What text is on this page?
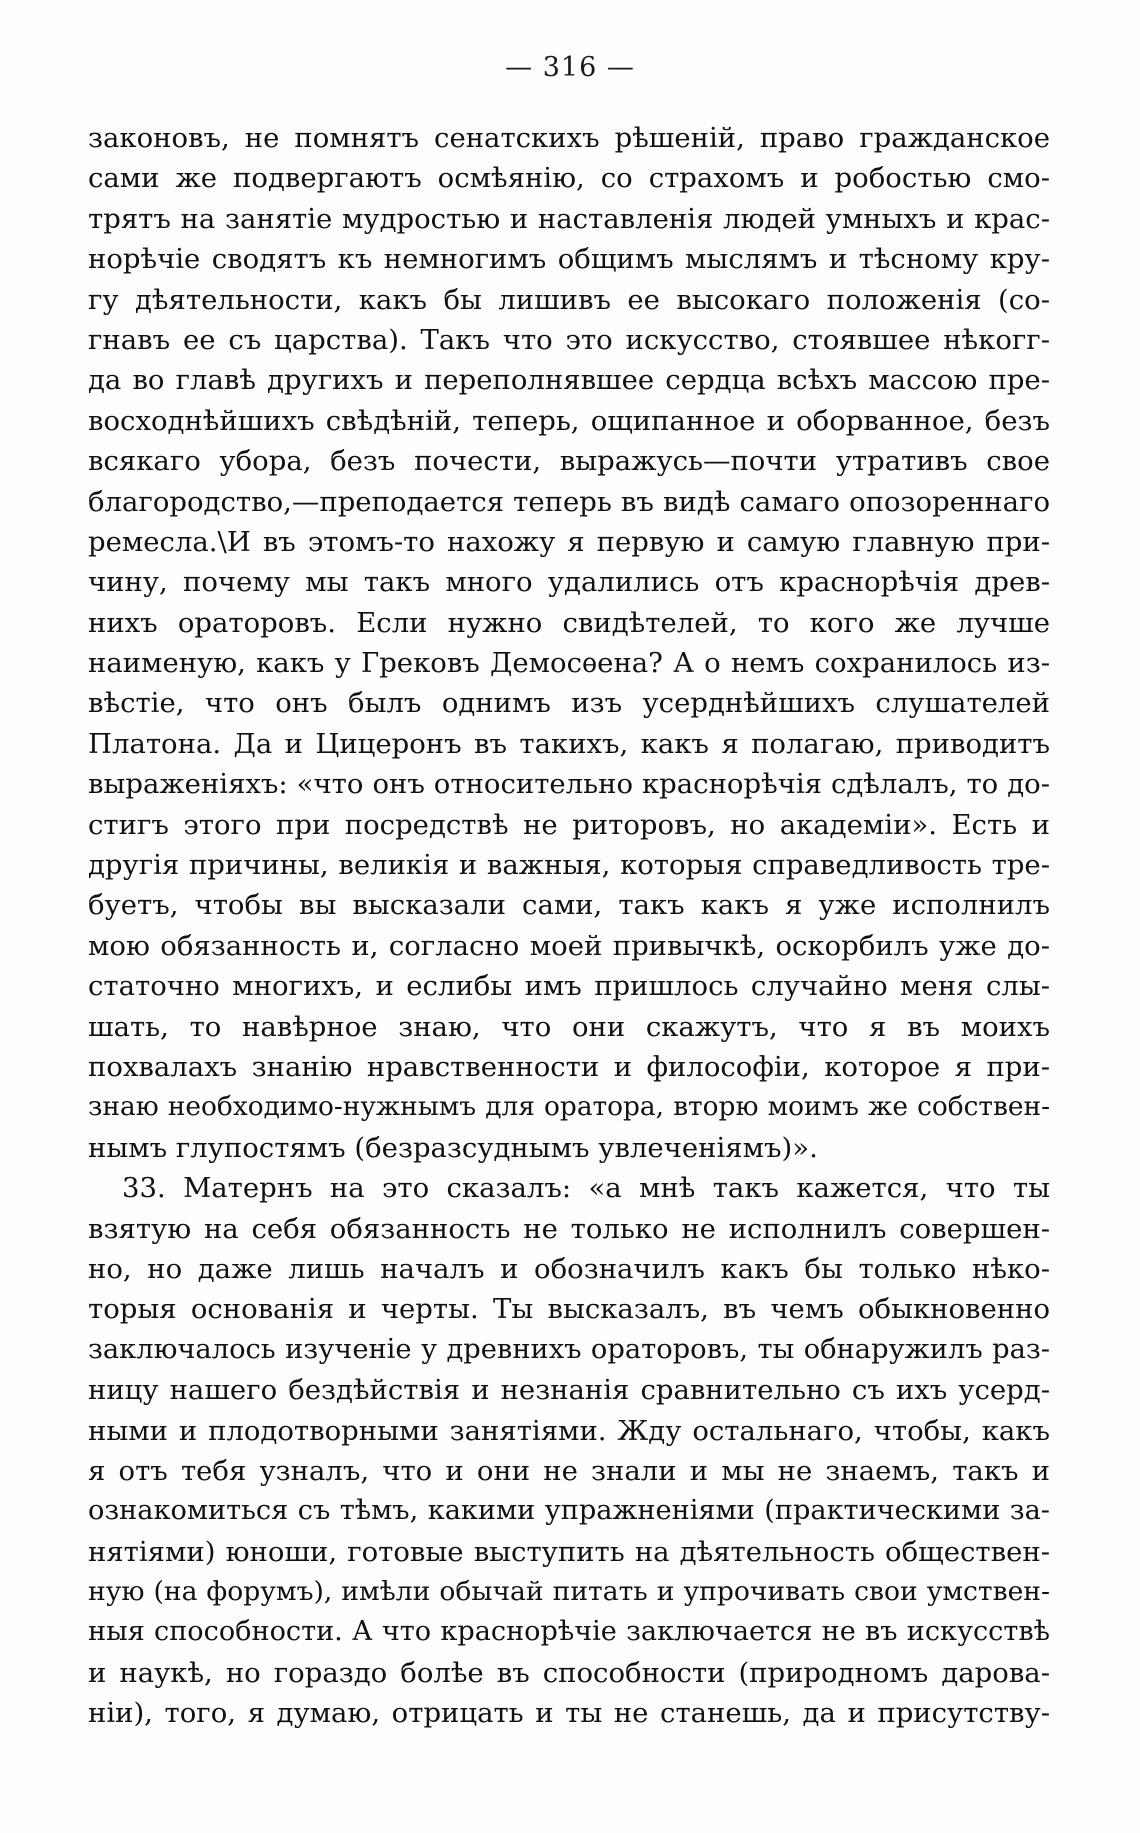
— 316 —
законовъ, не помнятъ сенатскихъ рѣшеній, право гражданское
сами же подвергаютъ осмѣянію, со страхомъ и робостью смо-
трятъ на занятіе мудростью и наставленія людей умныхъ и крас-
норѣчіе сводятъ къ немногимъ общимъ мыслямъ и тѣсному кру-
гу дѣятельности, какъ бы лишивъ ее высокаго положенія (со-
гнавъ ее съ царства). Такъ что это искусство, стоявшее нѣкогг-
да во главѣ другихъ и переполнявшее сердца всѣхъ массою пре-
восходнѣйшихъ свѣдѣній, теперь, ощипанное и оборванное, безъ
всякаго убора, безъ почести, выражусь—почти утративъ свое
благородство,—преподается теперь въ видѣ самаго опозореннаго
ремесла.\И въ этомъ-то нахожу я первую и самую главную при-
чину, почему мы такъ много удалились отъ краснорѣчія древ-
нихъ ораторовъ. Если нужно свидѣтелей, то кого же лучше
наименую, какъ у Грековъ Демосѳена? А о немъ сохранилось из-
вѣстіе, что онъ былъ однимъ изъ усерднѣйшихъ слушателей
Платона. Да и Цицеронъ въ такихъ, какъ я полагаю, приводитъ
выраженіяхъ: «что онъ относительно краснорѣчія сдѣлалъ, то до-
стигъ этого при посредствѣ не риторовъ, но академіи». Есть и
другія причины, великія и важныя, которыя справедливость тре-
буетъ, чтобы вы высказали сами, такъ какъ я уже исполнилъ
мою обязанность и, согласно моей привычкѣ, оскорбилъ уже до-
статочно многихъ, и еслибы имъ пришлось случайно меня слы-
шать, то навѣрное знаю, что они скажутъ, что я въ моихъ
похвалахъ знанію нравственности и философіи, которое я при-
знаю необходимо-нужнымъ для оратора, вторю моимъ же собствен-
нымъ глупостямъ (безразсуднымъ увлеченіямъ)».
33. Матернъ на это сказалъ: «а мнѣ такъ кажется, что ты
взятую на себя обязанность не только не исполнилъ совершен-
но, но даже лишь началъ и обозначилъ какъ бы только нѣко-
торыя основанія и черты. Ты высказалъ, въ чемъ обыкновенно
заключалось изученіе у древнихъ ораторовъ, ты обнаружилъ раз-
ницу нашего бездѣйствія и незнанія сравнительно съ ихъ усерд-
ными и плодотворными занятіями. Жду остальнаго, чтобы, какъ
я отъ тебя узналъ, что и они не знали и мы не знаемъ, такъ и
ознакомиться съ тѣмъ, какими упражненіями (практическими за-
нятіями) юноши, готовые выступить на дѣятельность обществен-
ную (на форумъ), имѣли обычай питать и упрочивать свои умствен-
ныя способности. А что краснорѣчіе заключается не въ искусствѣ
и наукѣ, но гораздо болѣе въ способности (природномъ дарова-
ніи), того, я думаю, отрицать и ты не станешь, да и присутству-
